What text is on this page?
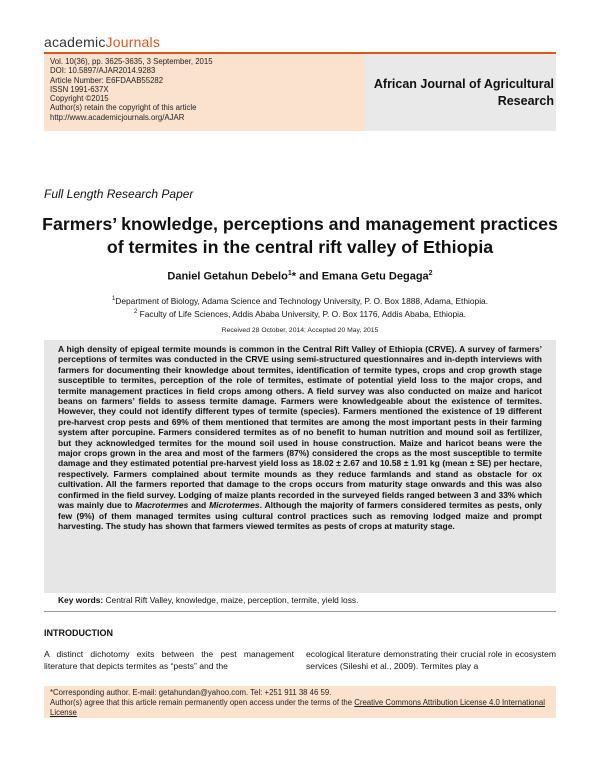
academicJournals
Vol. 10(36), pp. 3625-3635, 3 September, 2015
DOI: 10.5897/AJAR2014.9283
Article Number: E6FDAAB55282
ISSN 1991-637X
Copyright ©2015
Author(s) retain the copyright of this article
http://www.academicjournals.org/AJAR
African Journal of Agricultural
Research
Full Length Research Paper
Farmers’ knowledge, perceptions and management practices of termites in the central rift valley of Ethiopia
Daniel Getahun Debelo$^1$* and Emana Getu Degaga$^2$
$^1$Department of Biology, Adama Science and Technology University, P. O. Box 1888, Adama, Ethiopia.
$^2$ Faculty of Life Sciences, Addis Ababa University, P. O. Box 1176, Addis Ababa, Ethiopia.
Received 28 October, 2014; Accepted 20 May, 2015
A high density of epigeal termite mounds is common in the Central Rift Valley of Ethiopia (CRVE). A survey of farmers’ perceptions of termites was conducted in the CRVE using semi-structured questionnaires and in-depth interviews with farmers for documenting their knowledge about termites, identification of termite types, crops and crop growth stage susceptible to termites, perception of the role of termites, estimate of potential yield loss to the major crops, and termite management practices in field crops among others. A field survey was also conducted on maize and haricot beans on farmers’ fields to assess termite damage. Farmers were knowledgeable about the existence of termites. However, they could not identify different types of termite (species). Farmers mentioned the existence of 19 different pre-harvest crop pests and 69% of them mentioned that termites are among the most important pests in their farming system after porcupine. Farmers considered termites as of no benefit to human nutrition and mound soil as fertilizer, but they acknowledged termites for the mound soil used in house construction. Maize and haricot beans were the major crops grown in the area and most of the farmers (87%) considered the crops as the most susceptible to termite damage and they estimated potential pre-harvest yield loss as 18.02 ± 2.67 and 10.58 ± 1.91 kg (mean ± SE) per hectare, respectively. Farmers complained about termite mounds as they reduce farmlands and stand as obstacle for ox cultivation. All the farmers reported that damage to the crops occurs from maturity stage onwards and this was also confirmed in the field survey. Lodging of maize plants recorded in the surveyed fields ranged between 3 and 33% which was mainly due to Macrotermes and Microtermes. Although the majority of farmers considered termites as pests, only few (9%) of them managed termites using cultural control practices such as removing lodged maize and prompt harvesting. The study has shown that farmers viewed termites as pests of crops at maturity stage.
Key words: Central Rift Valley, knowledge, maize, perception, termite, yield loss.
INTRODUCTION
A distinct dichotomy exits between the pest management literature that depicts termites as “pests” and the
ecological literature demonstrating their crucial role in ecosystem services (Sileshi et al., 2009). Termites play a
*Corresponding author. E-mail: getahundan@yahoo.com. Tel: +251 911 38 46 59.
Author(s) agree that this article remain permanently open access under the terms of the Creative Commons Attribution License 4.0 International License
